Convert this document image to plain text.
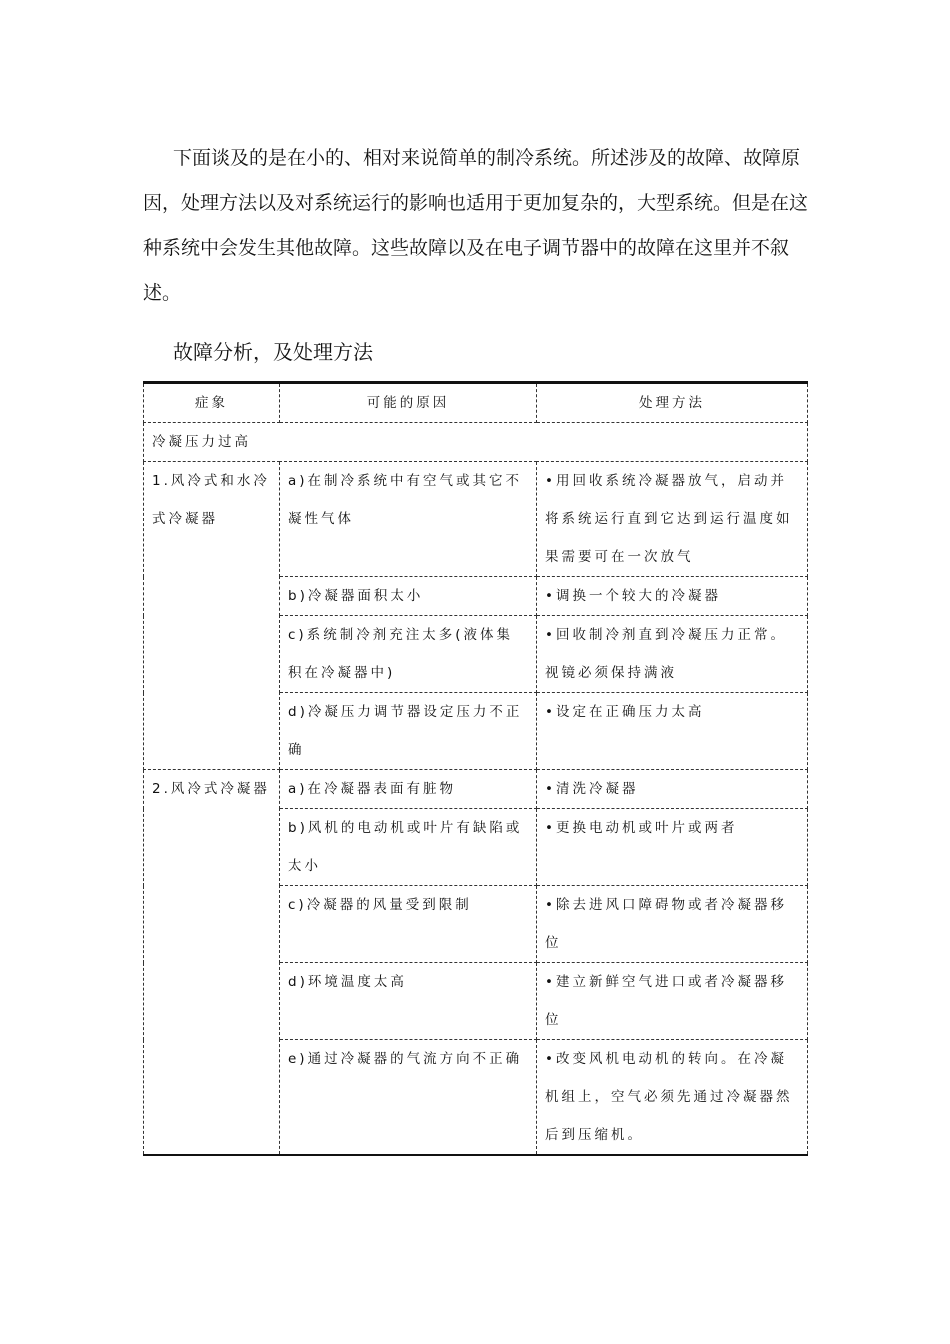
下面谈及的是在小的、相对来说简单的制冷系统。所述涉及的故障、故障原因，处理方法以及对系统运行的影响也适用于更加复杂的，大型系统。但是在这种系统中会发生其他故障。这些故障以及在电子调节器中的故障在这里并不叙述。

故障分析，及处理方法
症象	可能的原因	处理方法
冷凝压力过高		
1.风冷式和水冷式冷凝器	a)在制冷系统中有空气或其它不凝性气体	•用回收系统冷凝器放气，启动并将系统运行直到它达到运行温度如果需要可在一次放气
	b)冷凝器面积太小	•调换一个较大的冷凝器
	c)系统制冷剂充注太多(液体集积在冷凝器中)	•回收制冷剂直到冷凝压力正常。视镜必须保持满液
	d)冷凝压力调节器设定压力不正确	•设定在正确压力太高
2.风冷式冷凝器	a)在冷凝器表面有脏物	•清洗冷凝器
	b)风机的电动机或叶片有缺陷或太小	•更换电动机或叶片或两者
	c)冷凝器的风量受到限制	•除去进风口障碍物或者冷凝器移位
	d)环境温度太高	•建立新鲜空气进口或者冷凝器移位
	e)通过冷凝器的气流方向不正确	•改变风机电动机的转向。在冷凝机组上，空气必须先通过冷凝器然后到压缩机。
